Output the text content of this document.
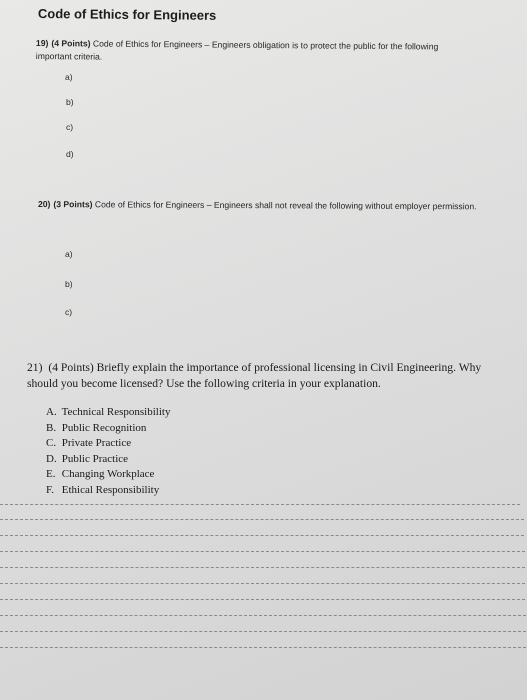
Code of Ethics for Engineers
19) (4 Points) Code of Ethics for Engineers – Engineers obligation is to protect the public for the following important criteria.
a)
b)
c)
d)
20) (3 Points) Code of Ethics for Engineers – Engineers shall not reveal the following without employer permission.
a)
b)
c)
21) (4 Points) Briefly explain the importance of professional licensing in Civil Engineering. Why should you become licensed? Use the following criteria in your explanation.
A. Technical Responsibility
B. Public Recognition
C. Private Practice
D. Public Practice
E. Changing Workplace
F. Ethical Responsibility
